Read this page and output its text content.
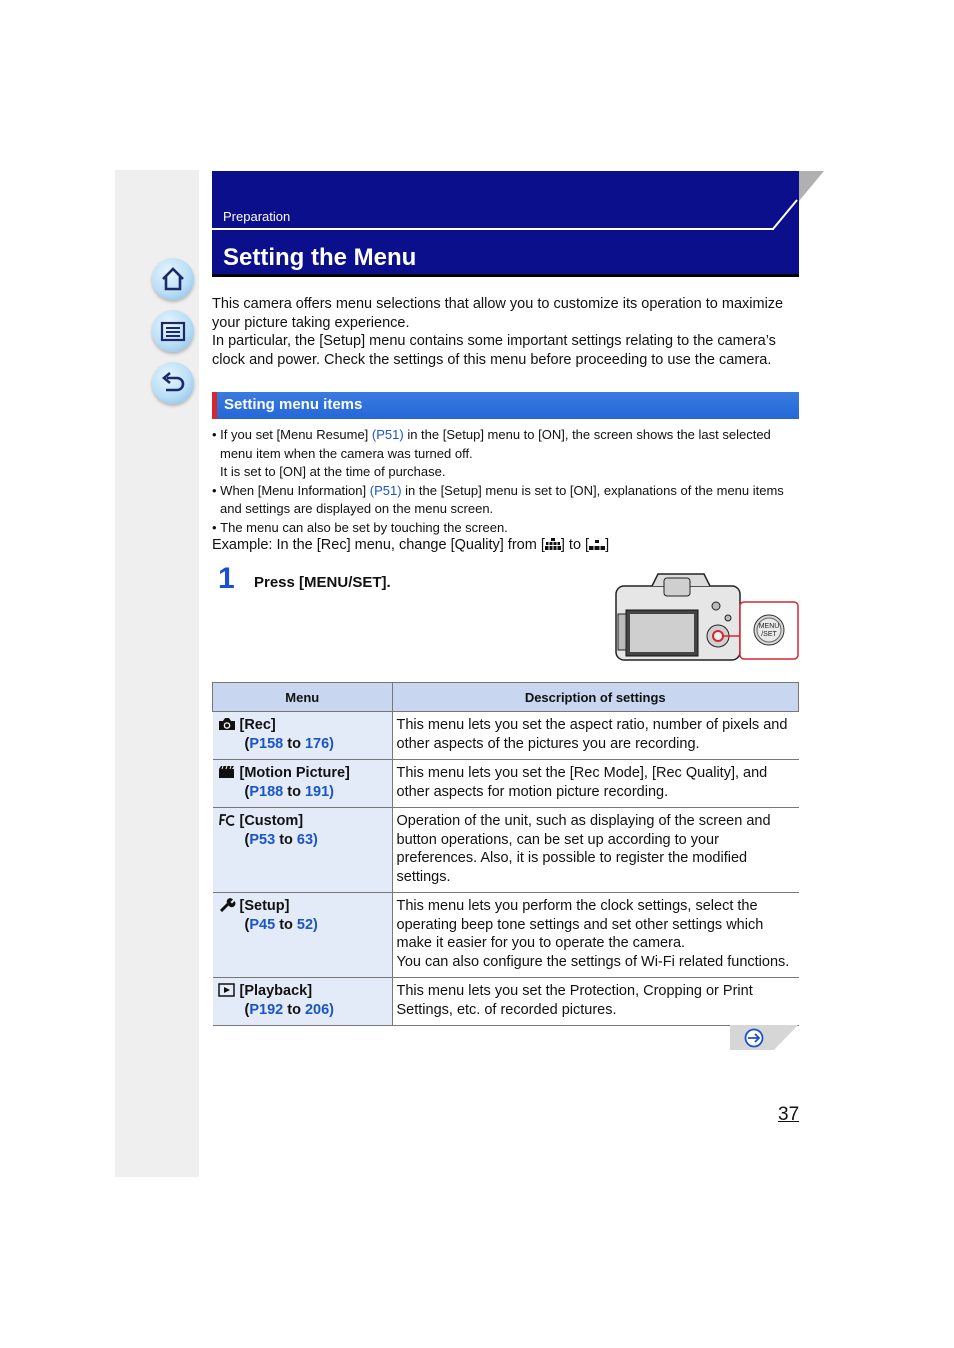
Preparation
Setting the Menu

This camera offers menu selections that allow you to customize its operation to maximize your picture taking experience.

In particular, the [Setup] menu contains some important settings relating to the camera’s clock and power. Check the settings of this menu before proceeding to use the camera.

Setting menu items

• If you set [Menu Resume] (P51) in the [Setup] menu to [ON], the screen shows the last selected menu item when the camera was turned off.

It is set to [ON] at the time of purchase.

• When [Menu Information] (P51) in the [Setup] menu is set to [ON], explanations of the menu items and settings are displayed on the menu screen.

• The menu can also be set by touching the screen.

Example: In the [Rec] menu, change [Quality] from [ ] to [ ]
1 Press [MENU/SET].
MENU
/SET
Menu	Description of settings
[Rec]
(P158 to 176)	This menu lets you set the aspect ratio, number of pixels and other aspects of the pictures you are recording.
[Motion Picture]
(P188 to 191)	This menu lets you set the [Rec Mode], [Rec Quality], and other aspects for motion picture recording.
[Custom]
(P53 to 63)	Operation of the unit, such as displaying of the screen and button operations, can be set up according to your preferences. Also, it is possible to register the modified settings.
[Setup]
(P45 to 52)	This menu lets you perform the clock settings, select the operating beep tone settings and set other settings which make it easier for you to operate the camera.
You can also configure the settings of Wi-Fi related functions.
[Playback]
(P192 to 206)	This menu lets you set the Protection, Cropping or Print Settings, etc. of recorded pictures.
37
